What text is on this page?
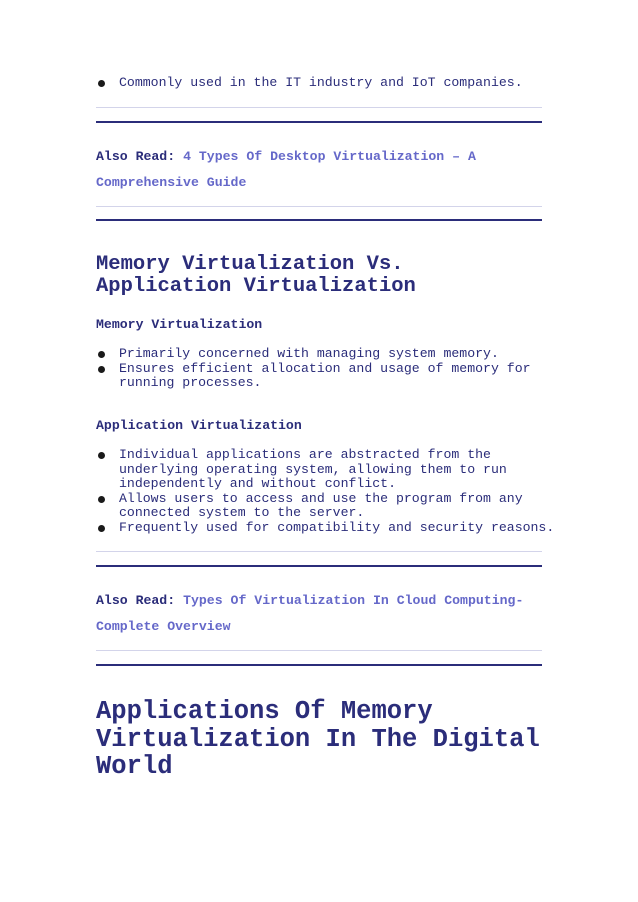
Commonly used in the IT industry and IoT companies.
Also Read: 4 Types Of Desktop Virtualization – A Comprehensive Guide
Memory Virtualization Vs. Application Virtualization
Memory Virtualization
Primarily concerned with managing system memory.
Ensures efficient allocation and usage of memory for running processes.
Application Virtualization
Individual applications are abstracted from the underlying operating system, allowing them to run independently and without conflict.
Allows users to access and use the program from any connected system to the server.
Frequently used for compatibility and security reasons.
Also Read: Types Of Virtualization In Cloud Computing-Complete Overview
Applications Of Memory Virtualization In The Digital World
